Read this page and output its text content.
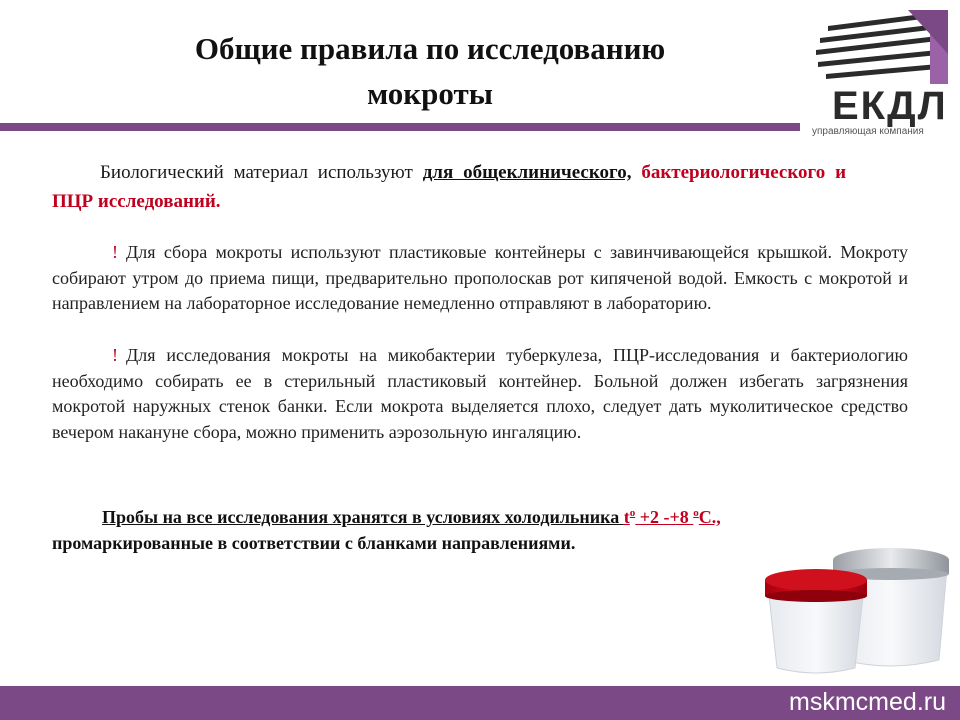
Общие правила по исследованию
мокроты	ЕКДЛ
управляющая компания
Биологический материал используют для общеклинического, бактериологического и ПЦР исследований.
! Для сбора мокроты используют пластиковые контейнеры с завинчивающейся крышкой. Мокроту собирают утром до приема пищи, предварительно прополоскав рот кипяченой водой. Емкость с мокротой и направлением на лабораторное исследование немедленно отправляют в лабораторию.
! Для исследования мокроты на микобактерии туберкулеза, ПЦР-исследования и бактериологию необходимо собирать ее в стерильный пластиковый контейнер. Больной должен избегать загрязнения мокротой наружных стенок банки. Если мокрота выделяется плохо, следует дать муколитическое средство вечером накануне сбора, можно применить аэрозольную ингаляцию.
Пробы на все исследования хранятся в условиях холодильника $t^o +2$ -+8 $^o$С.,
промаркированные в соответствии с бланками направлениями.
mskmcmed.ru
